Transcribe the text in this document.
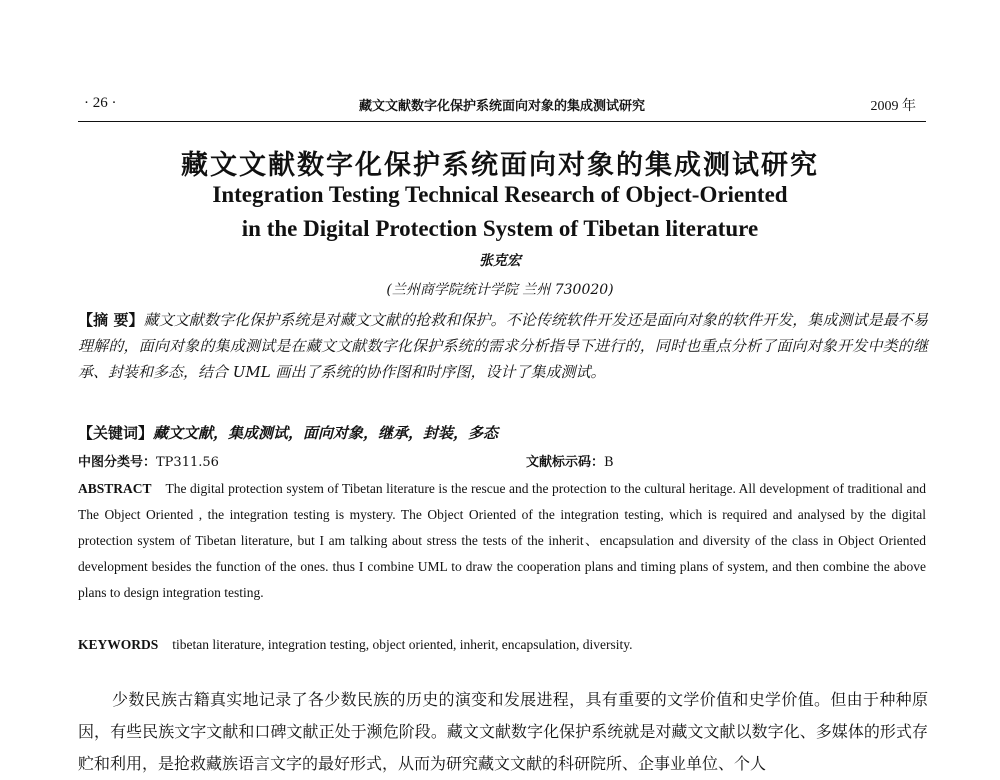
· 26 ·	藏文文献数字化保护系统面向对象的集成测试研究	2009 年
藏文文献数字化保护系统面向对象的集成测试研究
Integration Testing Technical Research of Object-Oriented
in the Digital Protection System of Tibetan literature
张克宏
(兰州商学院统计学院 兰州 730020)
【摘 要】藏文文献数字化保护系统是对藏文文献的抢救和保护。不论传统软件开发还是面向对象的软件开发，集成测试是最不易理解的，面向对象的集成测试是在藏文文献数字化保护系统的需求分析指导下进行的，同时也重点分析了面向对象开发中类的继承、封装和多态，结合 UML 画出了系统的协作图和时序图，设计了集成测试。
【关键词】藏文文献，集成测试，面向对象，继承，封装，多态
中图分类号：TP311.56	文献标示码：B
ABSTRACT The digital protection system of Tibetan literature is the rescue and the protection to the cultural heritage. All development of traditional and The Object Oriented , the integration testing is mystery. The Object Oriented of the integration testing, which is required and analysed by the digital protection system of Tibetan literature, but I am talking about stress the tests of the inherit、encapsulation and diversity of the class in Object Oriented development besides the function of the ones. thus I combine UML to draw the cooperation plans and timing plans of system, and then combine the above plans to design integration testing.
KEYWORDS tibetan literature, integration testing, object oriented, inherit, encapsulation, diversity.
少数民族古籍真实地记录了各少数民族的历史的演变和发展进程，具有重要的文学价值和史学价值。但由于种种原因，有些民族文字文献和口碑文献正处于濒危阶段。藏文文献数字化保护系统就是对藏文文献以数字化、多媒体的形式存贮和利用，是抢救藏族语言文字的最好形式，从而为研究藏文文献的科研院所、企事业单位、个人
